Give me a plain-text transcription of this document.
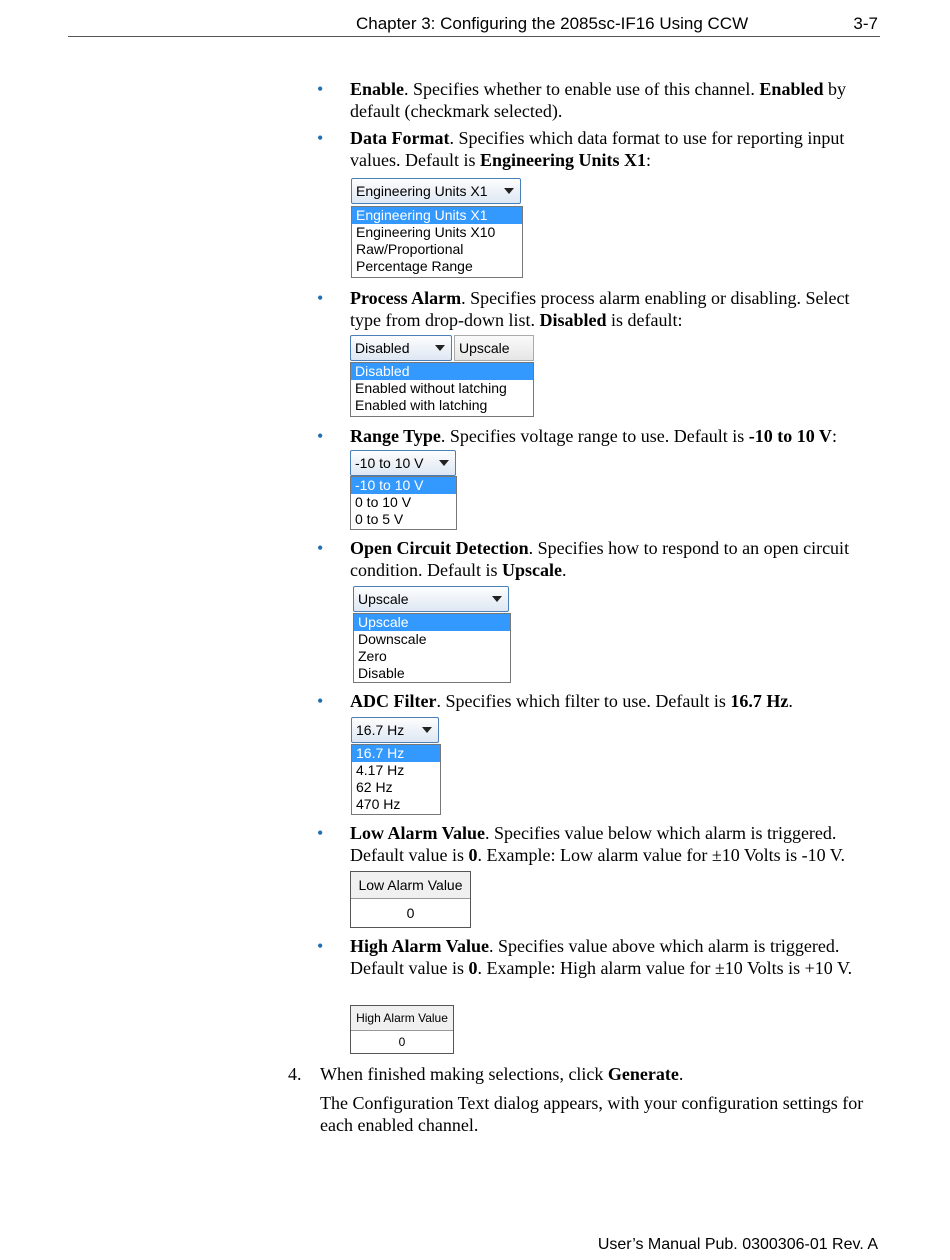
Chapter 3: Configuring the 2085sc-IF16 Using CCW	3-7
• Enable. Specifies whether to enable use of this channel. Enabled by default (checkmark selected).
• Data Format. Specifies which data format to use for reporting input values. Default is Engineering Units X1:
Engineering Units X1
Engineering Units X1
Engineering Units X10
Raw/Proportional
Percentage Range
• Process Alarm. Specifies process alarm enabling or disabling. Select type from drop-down list. Disabled is default:
Disabled	Upscale
Disabled
Enabled without latching
Enabled with latching
• Range Type. Specifies voltage range to use. Default is -10 to 10 V:
-10 to 10 V
-10 to 10 V
0 to 10 V
0 to 5 V
• Open Circuit Detection. Specifies how to respond to an open circuit condition. Default is Upscale.
Upscale
Upscale
Downscale
Zero
Disable
• ADC Filter. Specifies which filter to use. Default is 16.7 Hz.
16.7 Hz
16.7 Hz
4.17 Hz
62 Hz
470 Hz
• Low Alarm Value. Specifies value below which alarm is triggered. Default value is 0. Example: Low alarm value for ±10 Volts is -10 V.
Low Alarm Value
0
• High Alarm Value. Specifies value above which alarm is triggered. Default value is 0. Example: High alarm value for ±10 Volts is +10 V.
High Alarm Value
0
4. When finished making selections, click Generate.
The Configuration Text dialog appears, with your configuration settings for each enabled channel.
User’s Manual Pub. 0300306-01 Rev. A
